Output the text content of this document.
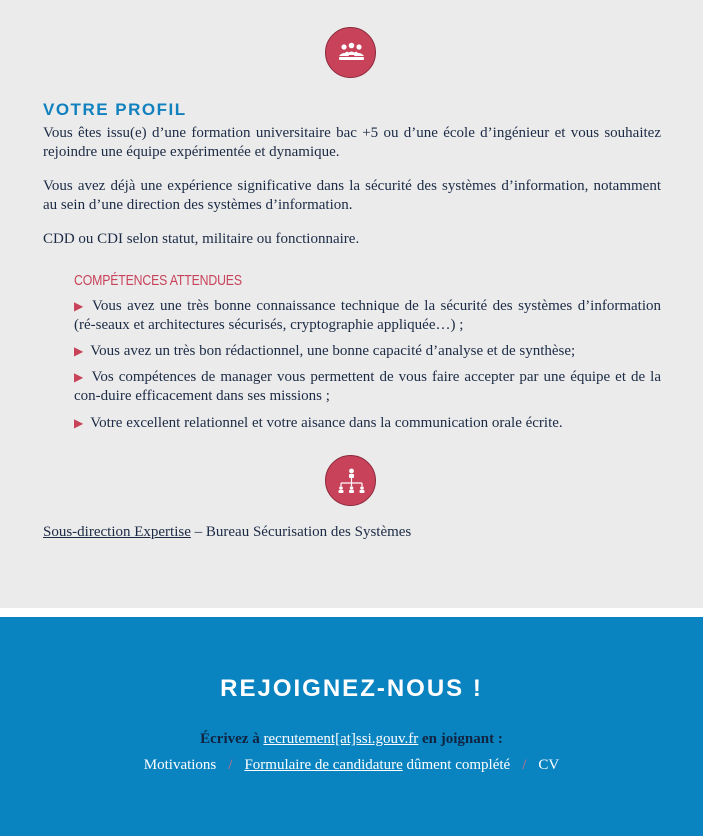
VOTRE PROFIL
Vous êtes issu(e) d’une formation universitaire bac +5 ou d’une école d’ingénieur et vous souhaitez rejoindre une équipe expérimentée et dynamique.
Vous avez déjà une expérience significative dans la sécurité des systèmes d’information, notamment au sein d’une direction des systèmes d’information.
CDD ou CDI selon statut, militaire ou fonctionnaire.
COMPÉTENCES ATTENDUES
▶ Vous avez une très bonne connaissance technique de la sécurité des systèmes d’information (ré-seaux et architectures sécurisés, cryptographie appliquée…) ;
▶ Vous avez un très bon rédactionnel, une bonne capacité d’analyse et de synthèse;
▶ Vos compétences de manager vous permettent de vous faire accepter par une équipe et de la con-duire efficacement dans ses missions ;
▶ Votre excellent relationnel et votre aisance dans la communication orale écrite.
Sous-direction Expertise – Bureau Sécurisation des Systèmes
REJOIGNEZ-NOUS !
Écrivez à recrutement[at]ssi.gouv.fr en joignant :
Motivations / Formulaire de candidature dûment complété / CV
